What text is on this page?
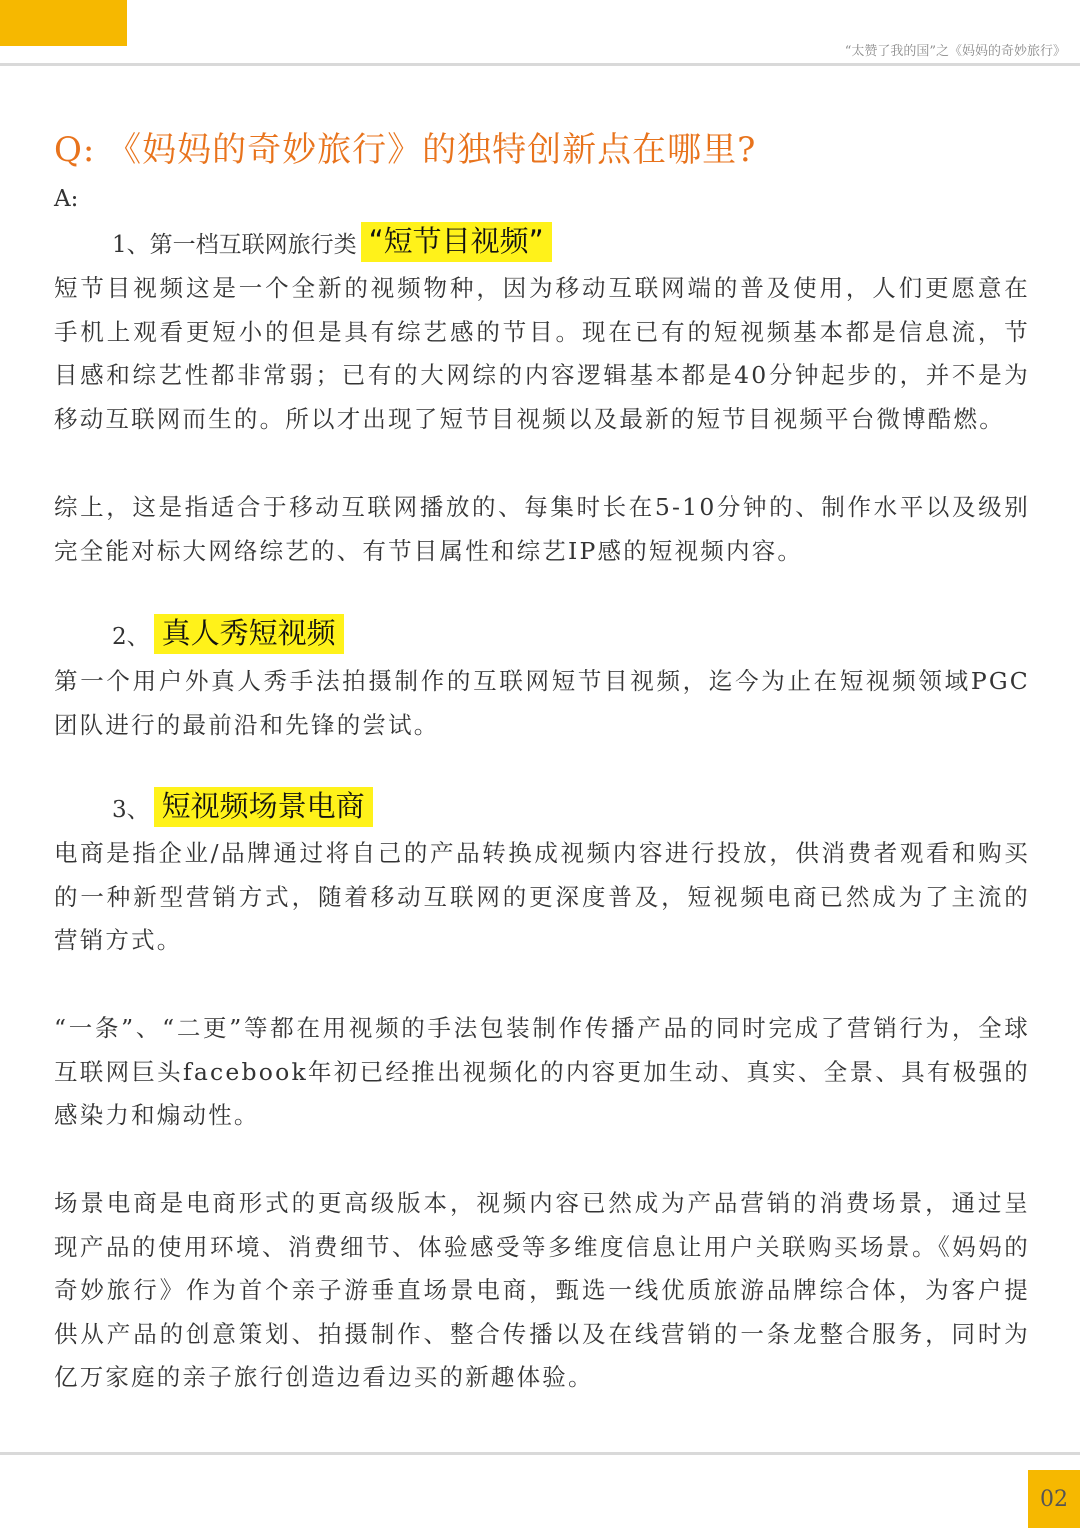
“太赞了我的国”之《妈妈的奇妙旅行》
Q: 《妈妈的奇妙旅行》的独特创新点在哪里?
A:
1、第一档互联网旅行类 “短节目视频”

短节目视频这是一个全新的视频物种，因为移动互联网端的普及使用，人们更愿意在手机上观看更短小的但是具有综艺感的节目。现在已有的短视频基本都是信息流，节目感和综艺性都非常弱；已有的大网综的内容逻辑基本都是40分钟起步的，并不是为移动互联网而生的。所以才出现了短节目视频以及最新的短节目视频平台微博酷燃。

综上，这是指适合于移动互联网播放的、每集时长在5-10分钟的、制作水平以及级别完全能对标大网络综艺的、有节目属性和综艺IP感的短视频内容。

2、 真人秀短视频

第一个用户外真人秀手法拍摄制作的互联网短节目视频，迄今为止在短视频领域PGC团队进行的最前沿和先锋的尝试。

3、 短视频场景电商

电商是指企业/品牌通过将自己的产品转换成视频内容进行投放，供消费者观看和购买的一种新型营销方式，随着移动互联网的更深度普及，短视频电商已然成为了主流的营销方式。

“一条”、“二更”等都在用视频的手法包装制作传播产品的同时完成了营销行为，全球互联网巨头facebook年初已经推出视频化的内容更加生动、真实、全景、具有极强的感染力和煽动性。

场景电商是电商形式的更高级版本，视频内容已然成为产品营销的消费场景，通过呈现产品的使用环境、消费细节、体验感受等多维度信息让用户关联购买场景。《妈妈的奇妙旅行》作为首个亲子游垂直场景电商，甄选一线优质旅游品牌综合体，为客户提供从产品的创意策划、拍摄制作、整合传播以及在线营销的一条龙整合服务，同时为亿万家庭的亲子旅行创造边看边买的新趣体验。

02
